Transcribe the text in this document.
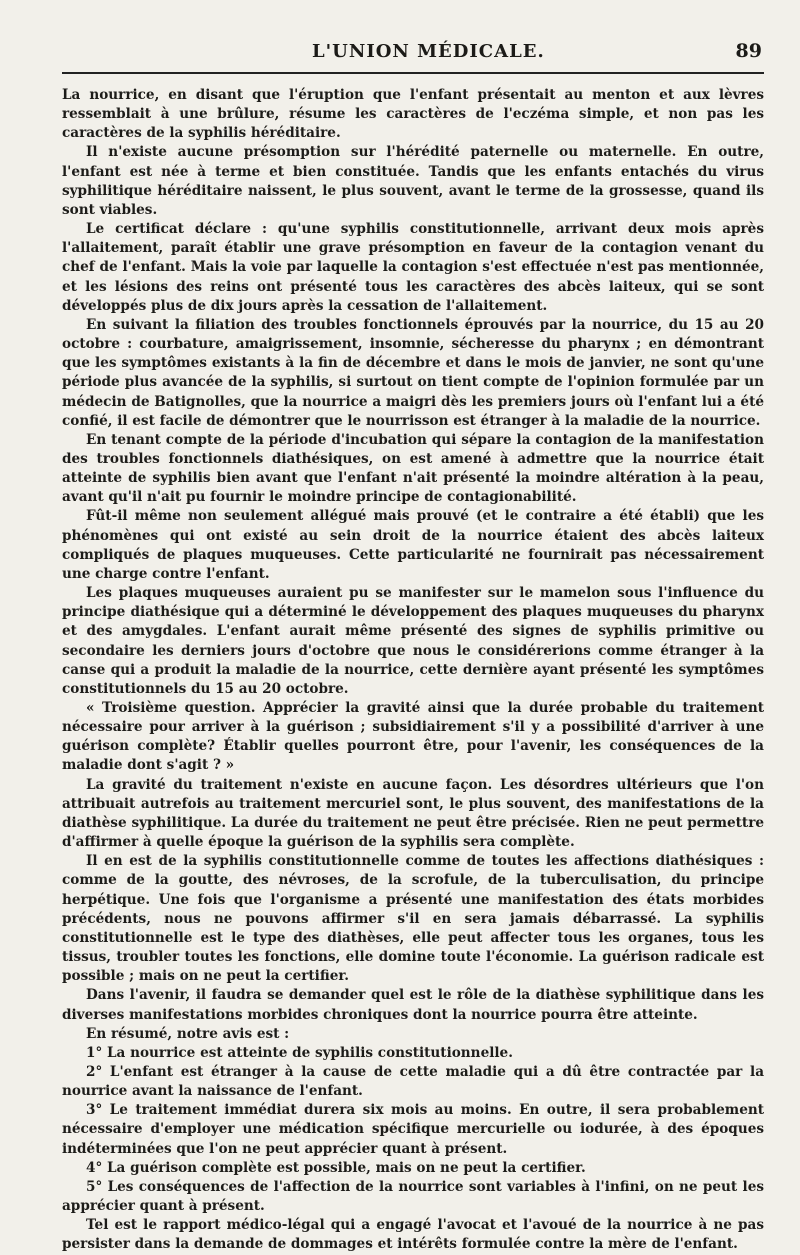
L'UNION MÉDICALE.	89

La nourrice, en disant que l'éruption que l'enfant présentait au menton et aux lèvres ressemblait à une brûlure, résume les caractères de l'eczéma simple, et non pas les caractères de la syphilis héréditaire.

Il n'existe aucune présomption sur l'hérédité paternelle ou maternelle. En outre, l'enfant est née à terme et bien constituée. Tandis que les enfants entachés du virus syphilitique héréditaire naissent, le plus souvent, avant le terme de la grossesse, quand ils sont viables.

Le certificat déclare : qu'une syphilis constitutionnelle, arrivant deux mois après l'allaitement, paraît établir une grave présomption en faveur de la contagion venant du chef de l'enfant. Mais la voie par laquelle la contagion s'est effectuée n'est pas mentionnée, et les lésions des reins ont présenté tous les caractères des abcès laiteux, qui se sont développés plus de dix jours après la cessation de l'allaitement.

En suivant la filiation des troubles fonctionnels éprouvés par la nourrice, du 15 au 20 octobre : courbature, amaigrissement, insomnie, sécheresse du pharynx ; en démontrant que les symptômes existants à la fin de décembre et dans le mois de janvier, ne sont qu'une période plus avancée de la syphilis, si surtout on tient compte de l'opinion formulée par un médecin de Batignolles, que la nourrice a maigri dès les premiers jours où l'enfant lui a été confié, il est facile de démontrer que le nourrisson est étranger à la maladie de la nourrice.

En tenant compte de la période d'incubation qui sépare la contagion de la manifestation des troubles fonctionnels diathésiques, on est amené à admettre que la nourrice était atteinte de syphilis bien avant que l'enfant n'ait présenté la moindre altération à la peau, avant qu'il n'ait pu fournir le moindre principe de contagionabilité.

Fût-il même non seulement allégué mais prouvé (et le contraire a été établi) que les phénomènes qui ont existé au sein droit de la nourrice étaient des abcès laiteux compliqués de plaques muqueuses. Cette particularité ne fournirait pas nécessairement une charge contre l'enfant.

Les plaques muqueuses auraient pu se manifester sur le mamelon sous l'influence du principe diathésique qui a déterminé le développement des plaques muqueuses du pharynx et des amygdales. L'enfant aurait même présenté des signes de syphilis primitive ou secondaire les derniers jours d'octobre que nous le considérerions comme étranger à la canse qui a produit la maladie de la nourrice, cette dernière ayant présenté les symptômes constitutionnels du 15 au 20 octobre.

« Troisième question. Apprécier la gravité ainsi que la durée probable du traitement nécessaire pour arriver à la guérison ; subsidiairement s'il y a possibilité d'arriver à une guérison complète? Établir quelles pourront être, pour l'avenir, les conséquences de la maladie dont s'agit ? »

La gravité du traitement n'existe en aucune façon. Les désordres ultérieurs que l'on attribuait autrefois au traitement mercuriel sont, le plus souvent, des manifestations de la diathèse syphilitique. La durée du traitement ne peut être précisée. Rien ne peut permettre d'affirmer à quelle époque la guérison de la syphilis sera complète.

Il en est de la syphilis constitutionnelle comme de toutes les affections diathésiques : comme de la goutte, des névroses, de la scrofule, de la tuberculisation, du principe herpétique. Une fois que l'organisme a présenté une manifestation des états morbides précédents, nous ne pouvons affirmer s'il en sera jamais débarrassé. La syphilis constitutionnelle est le type des diathèses, elle peut affecter tous les organes, tous les tissus, troubler toutes les fonctions, elle domine toute l'économie. La guérison radicale est possible ; mais on ne peut la certifier.

Dans l'avenir, il faudra se demander quel est le rôle de la diathèse syphilitique dans les diverses manifestations morbides chroniques dont la nourrice pourra être atteinte.

En résumé, notre avis est :

1° La nourrice est atteinte de syphilis constitutionnelle.

2° L'enfant est étranger à la cause de cette maladie qui a dû être contractée par la nourrice avant la naissance de l'enfant.

3° Le traitement immédiat durera six mois au moins. En outre, il sera probablement nécessaire d'employer une médication spécifique mercurielle ou iodurée, à des époques indéterminées que l'on ne peut apprécier quant à présent.

4° La guérison complète est possible, mais on ne peut la certifier.

5° Les conséquences de l'affection de la nourrice sont variables à l'infini, on ne peut les apprécier quant à présent.

Tel est le rapport médico-légal qui a engagé l'avocat et l'avoué de la nourrice à ne pas persister dans la demande de dommages et intérêts formulée contre la mère de l'enfant.
